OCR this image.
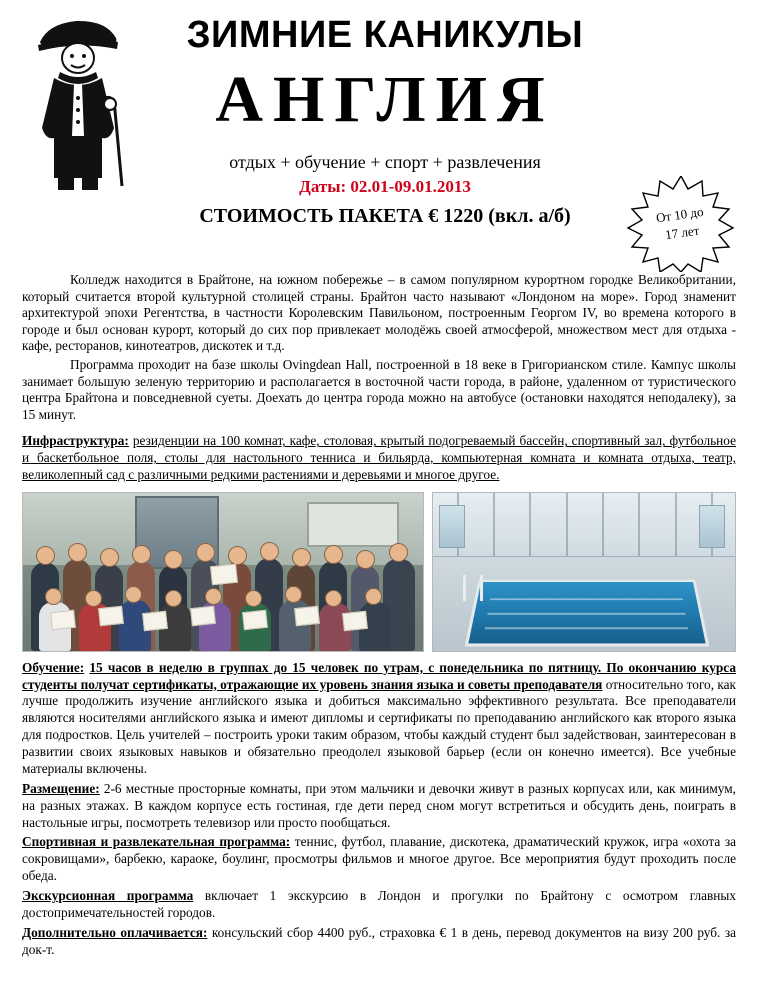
ЗИМНИЕ КАНИКУЛЫ
АНГЛИЯ
отдых + обучение + спорт + развлечения
Даты: 02.01-09.01.2013
СТОИМОСТЬ ПАКЕТА € 1220 (вкл. а/б)	От 10 до
17 лет

Колледж находится в Брайтоне, на южном побережье – в самом популярном курортном городке Великобритании, который считается второй культурной столицей страны. Брайтон часто называют «Лондоном на море». Город знаменит архитектурой эпохи Регентства, в частности Королевским Павильоном, построенным Георгом IV, во времена которого в городе и был основан курорт, который до сих пор привлекает молодёжь своей атмосферой, множеством мест для отдыха - кафе, ресторанов, кинотеатров, дискотек и т.д.

Программа проходит на базе школы Ovingdean Hall, построенной в 18 веке в Григорианском стиле. Кампус школы занимает большую зеленую территорию и располагается в восточной части города, в районе, удаленном от туристического центра Брайтона и повседневной суеты. Доехать до центра города можно на автобусе (остановки находятся неподалеку), за 15 минут.

Инфраструктура: резиденции на 100 комнат, кафе, столовая, крытый подогреваемый бассейн, спортивный зал, футбольное и баскетбольное поля, столы для настольного тенниса и бильярда, компьютерная комната и комната отдыха, театр, великолепный сад с различными редкими растениями и деревьями и многое другое.

Обучение: 15 часов в неделю в группах до 15 человек по утрам, с понедельника по пятницу. По окончанию курса студенты получат сертификаты, отражающие их уровень знания языка и советы преподавателя относительно того, как лучше продолжить изучение английского языка и добиться максимально эффективного результата. Все преподаватели являются носителями английского языка и имеют дипломы и сертификаты по преподаванию английского как второго языка для подростков. Цель учителей – построить уроки таким образом, чтобы каждый студент был задействован, заинтересован в развитии своих языковых навыков и обязательно преодолел языковой барьер (если он конечно имеется). Все учебные материалы включены.

Размещение: 2-6 местные просторные комнаты, при этом мальчики и девочки живут в разных корпусах или, как минимум, на разных этажах. В каждом корпусе есть гостиная, где дети перед сном могут встретиться и обсудить день, поиграть в настольные игры, посмотреть телевизор или просто пообщаться.

Спортивная и развлекательная программа: теннис, футбол, плавание, дискотека, драматический кружок, игра «охота за сокровищами», барбекю, караоке, боулинг, просмотры фильмов и многое другое. Все мероприятия будут проходить после обеда.

Экскурсионная программа включает 1 экскурсию в Лондон и прогулки по Брайтону с осмотром главных достопримечательностей городов.

Дополнительно оплачивается: консульский сбор 4400 руб., страховка € 1 в день, перевод документов на визу 200 руб. за док-т.
